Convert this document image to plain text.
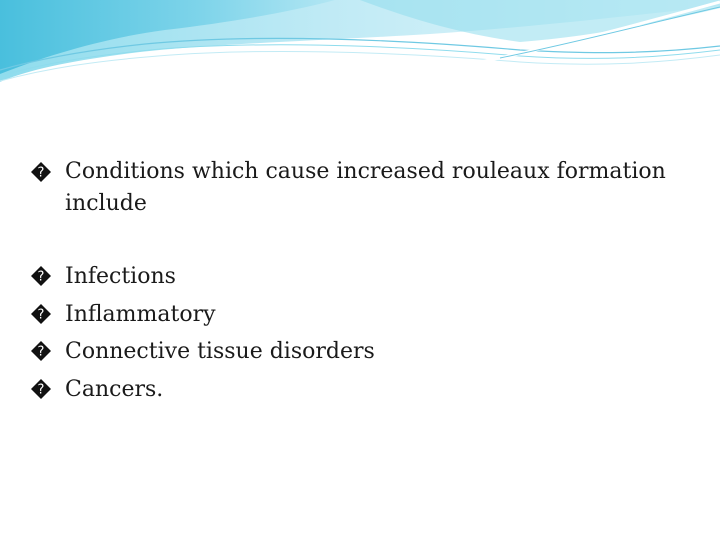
? Conditions which cause increased rouleaux formation include

? Infections

? Inflammatory

? Connective tissue disorders

? Cancers.
